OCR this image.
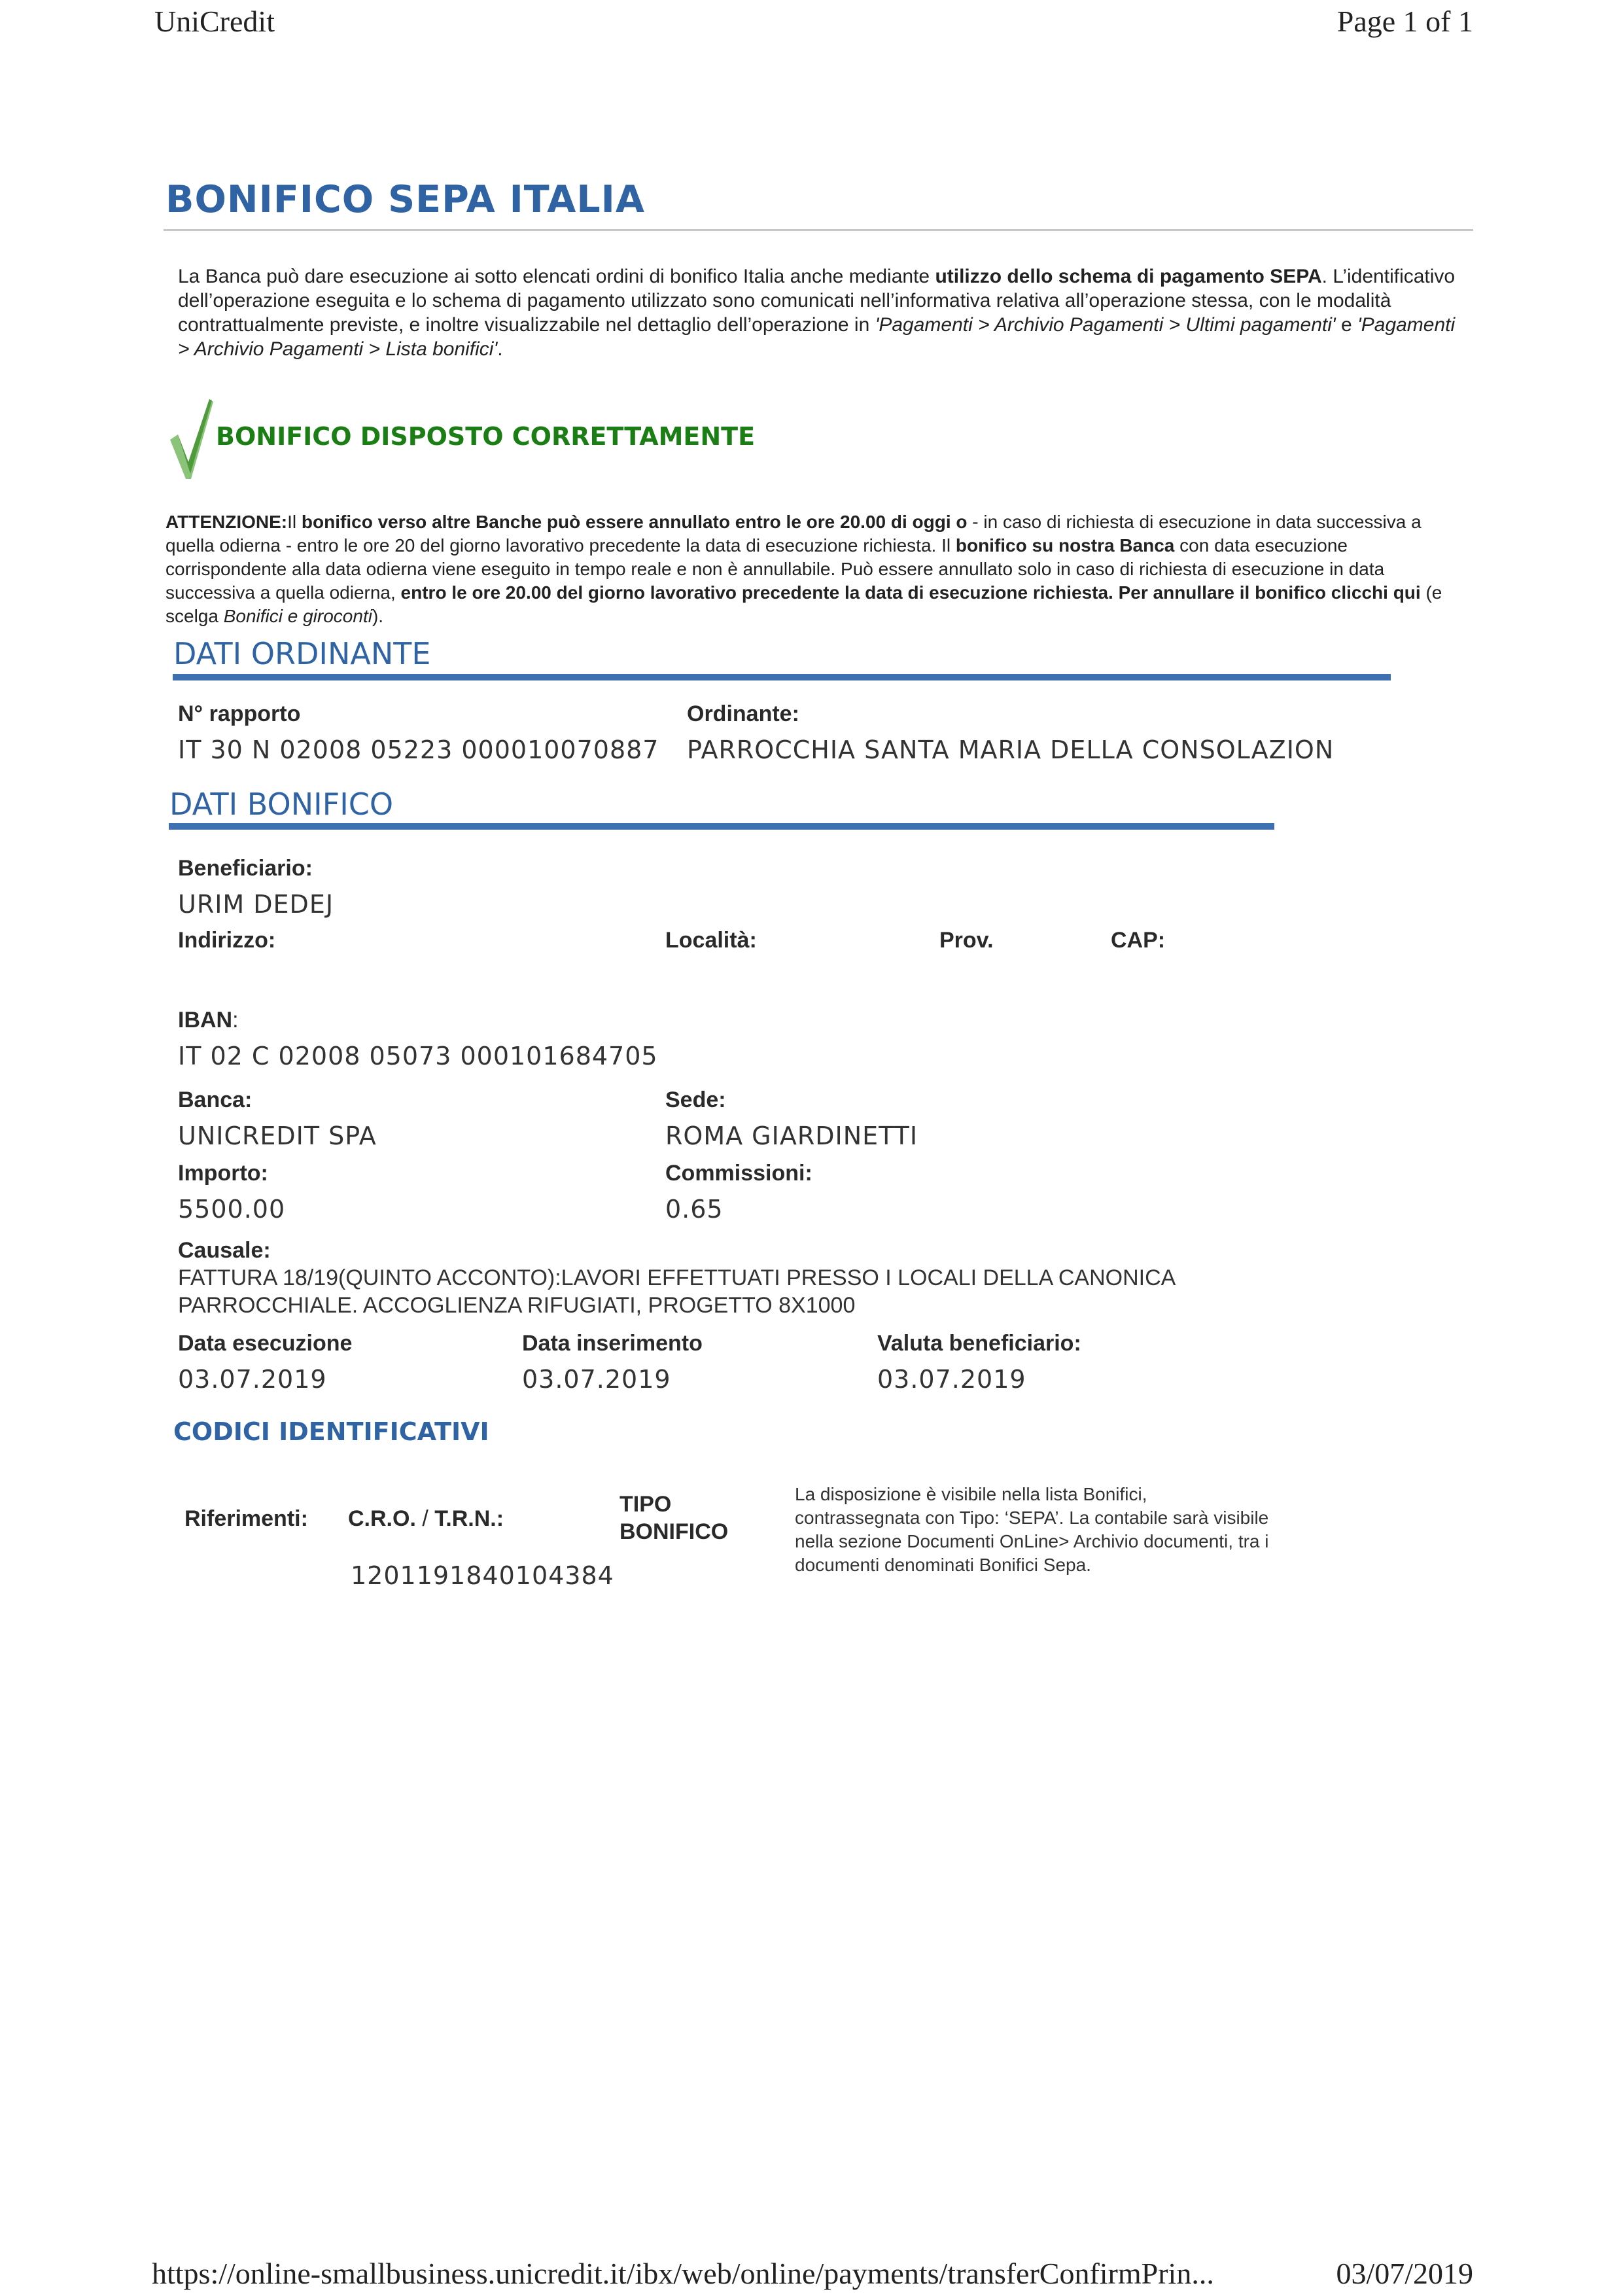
UniCredit	Page 1 of 1
BONIFICO SEPA ITALIA
La Banca può dare esecuzione ai sotto elencati ordini di bonifico Italia anche mediante utilizzo dello schema di pagamento SEPA. L’identificativo dell’operazione eseguita e lo schema di pagamento utilizzato sono comunicati nell’informativa relativa all’operazione stessa, con le modalità contrattualmente previste, e inoltre visualizzabile nel dettaglio dell’operazione in 'Pagamenti > Archivio Pagamenti > Ultimi pagamenti' e 'Pagamenti > Archivio Pagamenti > Lista bonifici'.
BONIFICO DISPOSTO CORRETTAMENTE
ATTENZIONE:Il bonifico verso altre Banche può essere annullato entro le ore 20.00 di oggi o - in caso di richiesta di esecuzione in data successiva a quella odierna - entro le ore 20 del giorno lavorativo precedente la data di esecuzione richiesta. Il bonifico su nostra Banca con data esecuzione corrispondente alla data odierna viene eseguito in tempo reale e non è annullabile. Può essere annullato solo in caso di richiesta di esecuzione in data successiva a quella odierna, entro le ore 20.00 del giorno lavorativo precedente la data di esecuzione richiesta. Per annullare il bonifico clicchi qui (e scelga Bonifici e giroconti).
DATI ORDINANTE
N° rapporto
IT 30 N 02008 05223 000010070887
Ordinante:
PARROCCHIA SANTA MARIA DELLA CONSOLAZION
DATI BONIFICO
Beneficiario:
URIM DEDEJ
Indirizzo:	Località:	Prov.	CAP:
IBAN:
IT 02 C 02008 05073 000101684705
Banca:
UNICREDIT SPA
Sede:
ROMA GIARDINETTI
Importo:
5500.00
Commissioni:
0.65
Causale:
FATTURA 18/19(QUINTO ACCONTO):LAVORI EFFETTUATI PRESSO I LOCALI DELLA CANONICA
PARROCCHIALE. ACCOGLIENZA RIFUGIATI, PROGETTO 8X1000
Data esecuzione
03.07.2019
Data inserimento
03.07.2019
Valuta beneficiario:
03.07.2019
CODICI IDENTIFICATIVI
Riferimenti: C.R.O. / T.R.N.:
1201191840104384
TIPO
BONIFICO
La disposizione è visibile nella lista Bonifici, contrassegnata con Tipo: ‘SEPA’. La contabile sarà visibile nella sezione Documenti OnLine> Archivio documenti, tra i documenti denominati Bonifici Sepa.
https://online-smallbusiness.unicredit.it/ibx/web/online/payments/transferConfirmPrin...	03/07/2019
